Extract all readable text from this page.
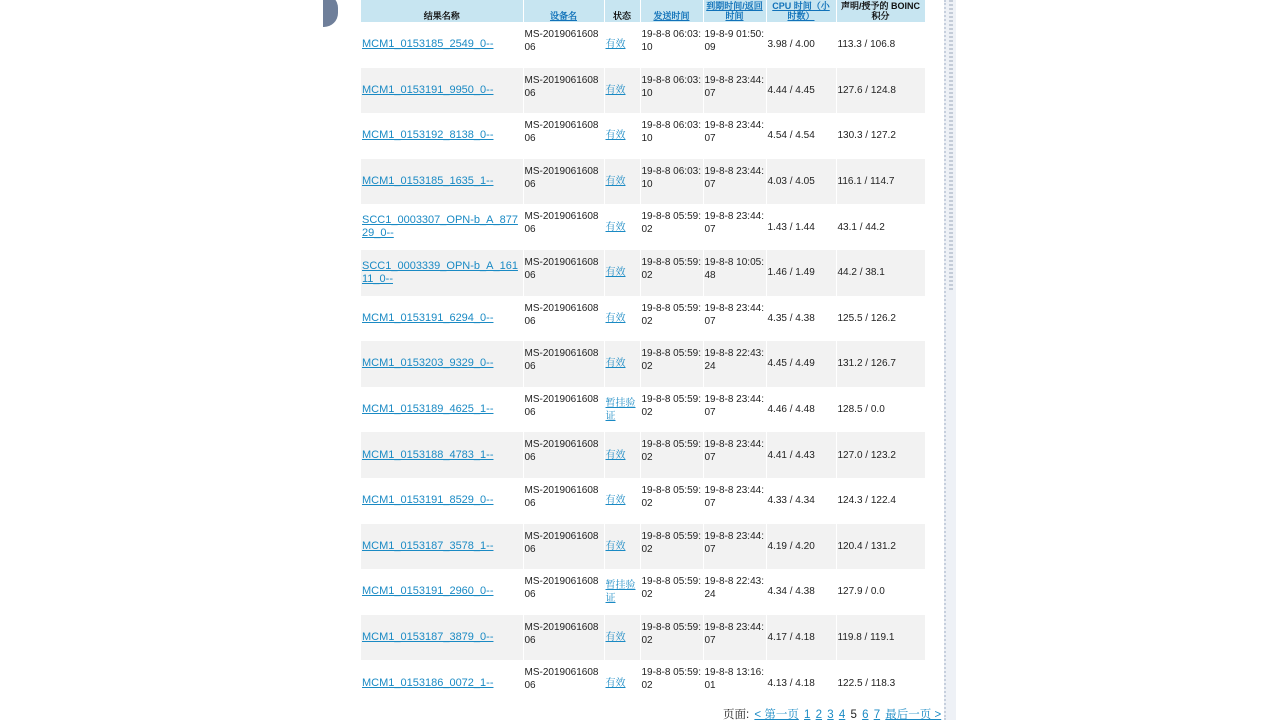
结果名称	设备名	状态	发送时间	到期时间/返回时间	CPU 时间（小时数）	声明/授予的 BOINC 积分
MCM1_0153185_2549_0--	MS-201906160806	有效	19-8-8 06:03:10	19-8-9 01:50:09	3.98 / 4.00	113.3 / 106.8
MCM1_0153191_9950_0--	MS-201906160806	有效	19-8-8 06:03:10	19-8-8 23:44:07	4.44 / 4.45	127.6 / 124.8
MCM1_0153192_8138_0--	MS-201906160806	有效	19-8-8 06:03:10	19-8-8 23:44:07	4.54 / 4.54	130.3 / 127.2
MCM1_0153185_1635_1--	MS-201906160806	有效	19-8-8 06:03:10	19-8-8 23:44:07	4.03 / 4.05	116.1 / 114.7
SCC1_0003307_OPN-b_A_87729_0--	MS-201906160806	有效	19-8-8 05:59:02	19-8-8 23:44:07	1.43 / 1.44	43.1 / 44.2
SCC1_0003339_OPN-b_A_16111_0--	MS-201906160806	有效	19-8-8 05:59:02	19-8-8 10:05:48	1.46 / 1.49	44.2 / 38.1
MCM1_0153191_6294_0--	MS-201906160806	有效	19-8-8 05:59:02	19-8-8 23:44:07	4.35 / 4.38	125.5 / 126.2
MCM1_0153203_9329_0--	MS-201906160806	有效	19-8-8 05:59:02	19-8-8 22:43:24	4.45 / 4.49	131.2 / 126.7
MCM1_0153189_4625_1--	MS-201906160806	暂挂验证	19-8-8 05:59:02	19-8-8 23:44:07	4.46 / 4.48	128.5 / 0.0
MCM1_0153188_4783_1--	MS-201906160806	有效	19-8-8 05:59:02	19-8-8 23:44:07	4.41 / 4.43	127.0 / 123.2
MCM1_0153191_8529_0--	MS-201906160806	有效	19-8-8 05:59:02	19-8-8 23:44:07	4.33 / 4.34	124.3 / 122.4
MCM1_0153187_3578_1--	MS-201906160806	有效	19-8-8 05:59:02	19-8-8 23:44:07	4.19 / 4.20	120.4 / 131.2
MCM1_0153191_2960_0--	MS-201906160806	暂挂验证	19-8-8 05:59:02	19-8-8 22:43:24	4.34 / 4.38	127.9 / 0.0
MCM1_0153187_3879_0--	MS-201906160806	有效	19-8-8 05:59:02	19-8-8 23:44:07	4.17 / 4.18	119.8 / 119.1
MCM1_0153186_0072_1--	MS-201906160806	有效	19-8-8 05:59:02	19-8-8 13:16:01	4.13 / 4.18	122.5 / 118.3
页面: < 第一页 1 2 3 4 5 6 7 最后一页 >
